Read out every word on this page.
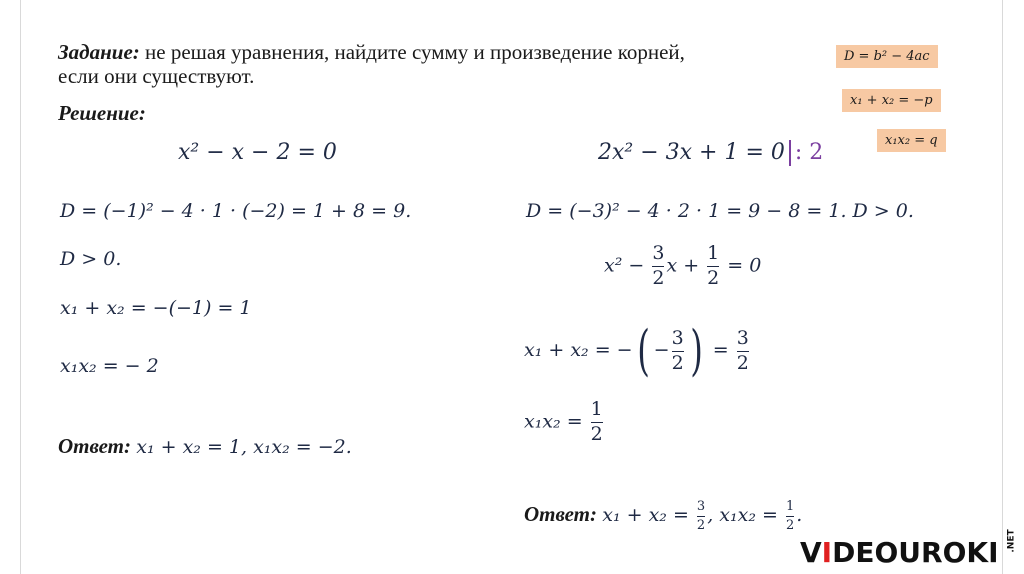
Задание: не решая уравнения, найдите сумму и произведение корней,
если они существуют.
Решение:
D = b² − 4ac
x₁ + x₂ = −p
x₁x₂ = q
x² − x − 2 = 0
D = (−1)² − 4 · 1 · (−2) = 1 + 8 = 9.
D > 0.
x₁ + x₂ = −(−1) = 1
x₁x₂ = − 2
Ответ: x₁ + x₂ = 1, x₁x₂ = −2.
2x² − 3x + 1 = 0 : 2
D = (−3)² − 4 · 2 · 1 = 9 − 8 = 1. D > 0.
$x^2 - \frac{3}{2}$ $x + \frac{1}{2} = 0$
x₁ + x₂ = −( − $\frac{3}{2}$ ) = $\frac{3}{2}$
$x_1x_2 = \frac{1}{2}$
Ответ: $x_1 + x_2 = \frac{3}{2}$ , $x_1x_2 = \frac{1}{2}$ .
VIDEOUROKI .NET
